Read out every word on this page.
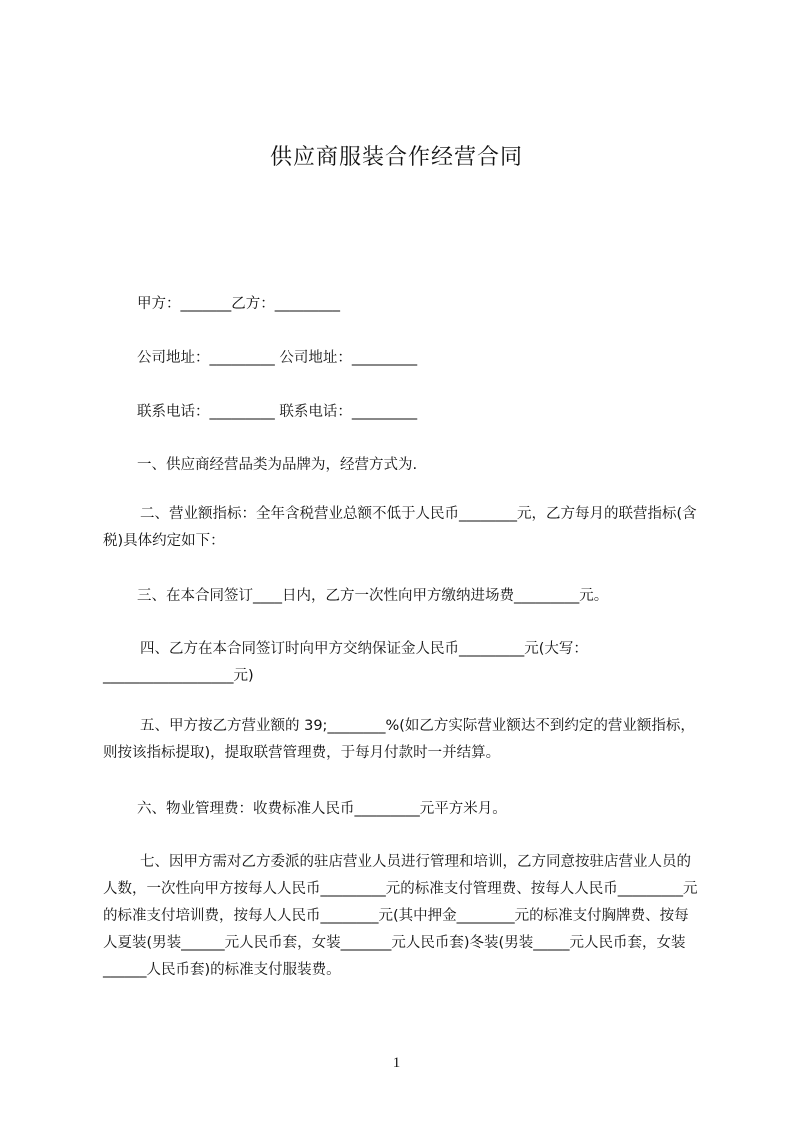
供应商服装合作经营合同

甲方：_______乙方：_________

公司地址：_________ 公司地址：_________

联系电话：_________ 联系电话：_________

一、供应商经营品类为品牌为，经营方式为.

二、营业额指标：全年含税营业总额不低于人民币________元，乙方每月的联营指标(含税)具体约定如下：

三、在本合同签订____日内，乙方一次性向甲方缴纳进场费_________元。

四、乙方在本合同签订时向甲方交纳保证金人民币_________元(大写：__________________元)

五、甲方按乙方营业额的 39;________%(如乙方实际营业额达不到约定的营业额指标，则按该指标提取)，提取联营管理费，于每月付款时一并结算。

六、物业管理费：收费标准人民币_________元平方米月。

七、因甲方需对乙方委派的驻店营业人员进行管理和培训，乙方同意按驻店营业人员的人数，一次性向甲方按每人人民币_________元的标准支付管理费、按每人人民币_________元的标准支付培训费，按每人人民币________元(其中押金________元的标准支付胸牌费、按每人夏装(男装______元人民币套，女装_______元人民币套)冬装(男装_____元人民币套，女装______人民币套)的标准支付服装费。

1
